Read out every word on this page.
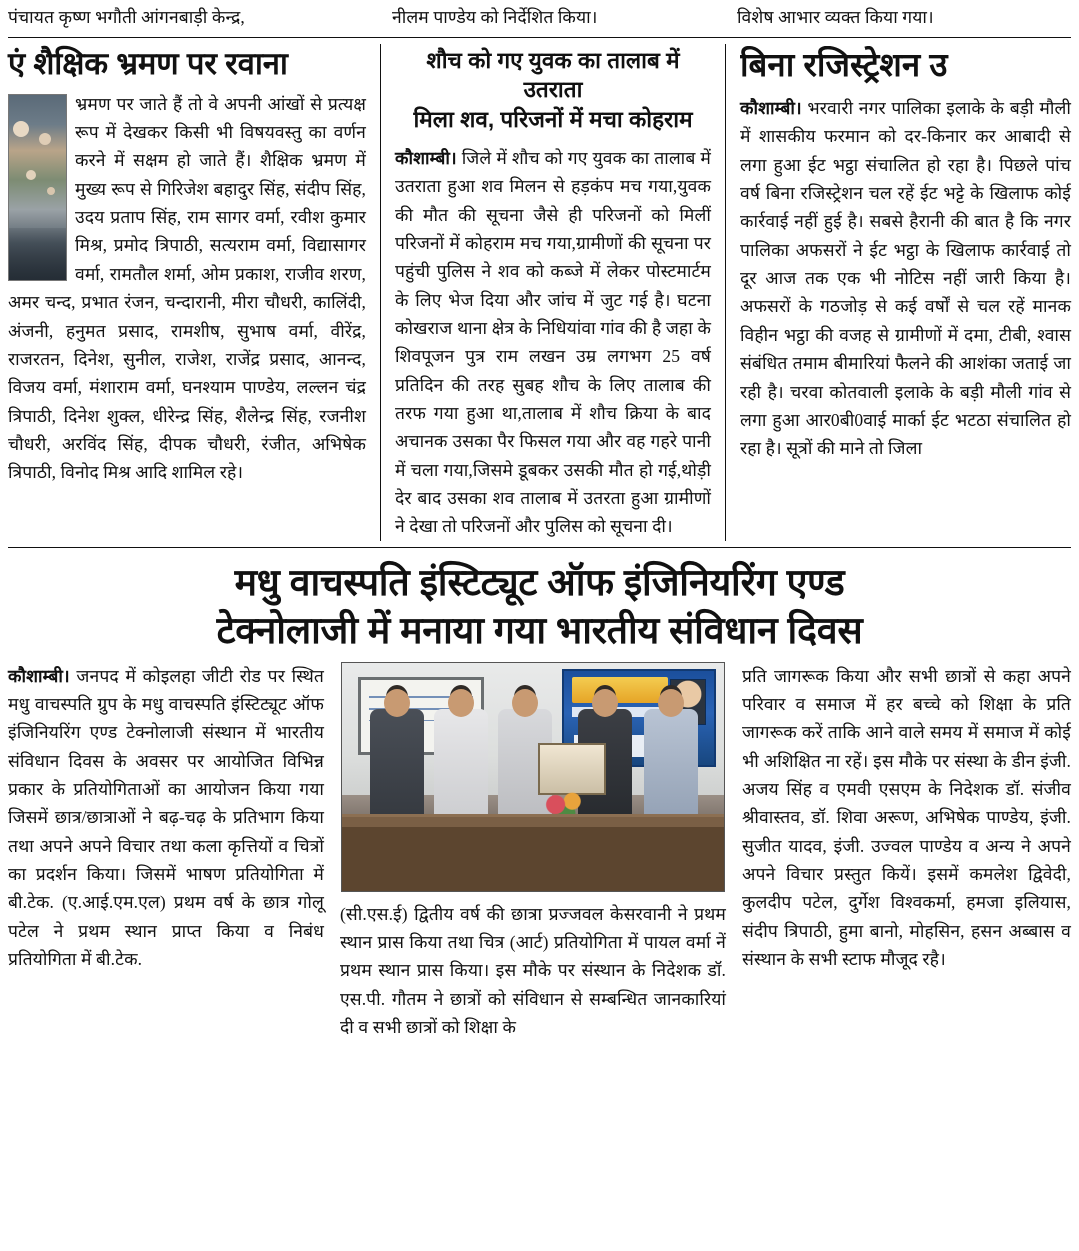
पंचायत कृष्ण भगौती आंगनबाड़ी केन्द्र,	नीलम पाण्डेय को निर्देशित किया।	विशेष आभार व्यक्त किया गया।
एं शैक्षिक भ्रमण पर रवाना
भ्रमण पर जाते हैं तो वे अपनी आंखों से प्रत्यक्ष रूप में देखकर किसी भी विषयवस्तु का वर्णन करने में सक्षम हो जाते हैं। शैक्षिक भ्रमण में मुख्य रूप से गिरिजेश बहादुर सिंह, संदीप सिंह, उदय प्रताप सिंह, राम सागर वर्मा, रवीश कुमार मिश्र, प्रमोद त्रिपाठी, सत्यराम वर्मा, विद्यासागर वर्मा, रामतौल शर्मा, ओम प्रकाश, राजीव शरण, अमर चन्द, प्रभात रंजन, चन्दारानी, मीरा चौधरी, कालिंदी, अंजनी, हनुमत प्रसाद, रामशीष, सुभाष वर्मा, वीरेंद्र, राजरतन, दिनेश, सुनील, राजेश, राजेंद्र प्रसाद, आनन्द, विजय वर्मा, मंशाराम वर्मा, घनश्याम पाण्डेय, लल्लन चंद्र त्रिपाठी, दिनेश शुक्ल, धीरेन्द्र सिंह, शैलेन्द्र सिंह, रजनीश चौधरी, अरविंद सिंह, दीपक चौधरी, रंजीत, अभिषेक त्रिपाठी, विनोद मिश्र आदि शामिल रहे।
शौच को गए युवक का तालाब में उतराता
मिला शव, परिजनों में मचा कोहराम
कौशाम्बी। जिले में शौच को गए युवक का तालाब में उतराता हुआ शव मिलन से हड़कंप मच गया,युवक की मौत की सूचना जैसे ही परिजनों को मिलीं परिजनों में कोहराम मच गया,ग्रामीणों की सूचना पर पहुंची पुलिस ने शव को कब्जे में लेकर पोस्टमार्टम के लिए भेज दिया और जांच में जुट गई है। घटना कोखराज थाना क्षेत्र के निधियांवा गांव की है जहा के शिवपूजन पुत्र राम लखन उम्र लगभग 25 वर्ष प्रतिदिन की तरह सुबह शौच के लिए तालाब की तरफ गया हुआ था,तालाब में शौच क्रिया के बाद अचानक उसका पैर फिसल गया और वह गहरे पानी में चला गया,जिसमे डूबकर उसकी मौत हो गई,थोड़ी देर बाद उसका शव तालाब में उतरता हुआ ग्रामीणों ने देखा तो परिजनों और पुलिस को सूचना दी।
बिना रजिस्ट्रेशन उ
कौशाम्बी। भरवारी नगर पालिका इलाके के बड़ी मौली में शासकीय फरमान को दर-किनार कर आबादी से लगा हुआ ईट भट्ठा संचालित हो रहा है। पिछले पांच वर्ष बिना रजिस्ट्रेशन चल रहें ईट भट्टे के खिलाफ कोई कार्रवाई नहीं हुई है। सबसे हैरानी की बात है कि नगर पालिका अफसरों ने ईट भट्ठा के खिलाफ कार्रवाई तो दूर आज तक एक भी नोटिस नहीं जारी किया है। अफसरों के गठजोड़ से कई वर्षों से चल रहें मानक विहीन भट्ठा की वजह से ग्रामीणों में दमा, टीबी, श्वास संबंधित तमाम बीमारियां फैलने की आशंका जताई जा रही है। चरवा कोतवाली इलाके के बड़ी मौली गांव से लगा हुआ आर0बी0वाई मार्का ईट भटठा संचालित हो रहा है। सूत्रों की माने तो जिला
मधु वाचस्पति इंस्टिट्यूट ऑफ इंजिनियरिंग एण्ड
टेक्नोलाजी में मनाया गया भारतीय संविधान दिवस
कौशाम्बी। जनपद में कोइलहा जीटी रोड पर स्थित मधु वाचस्पति ग्रुप के मधु वाचस्पति इंस्टिट्यूट ऑफ इंजिनियरिंग एण्ड टेक्नोलाजी संस्थान में भारतीय संविधान दिवस के अवसर पर आयोजित विभिन्न प्रकार के प्रतियोगिताओं का आयोजन किया गया जिसमें छात्र/छात्राओं ने बढ़-चढ़ के प्रतिभाग किया तथा अपने अपने विचार तथा कला कृत्तियों व चित्रों का प्रदर्शन किया। जिसमें भाषण प्रतियोगिता में बी.टेक. (ए.आई.एम.एल) प्रथम वर्ष के छात्र गोलू पटेल ने प्रथम स्थान प्राप्त किया व निबंध प्रतियोगिता में बी.टेक.
(सी.एस.ई) द्वितीय वर्ष की छात्रा प्रज्जवल केसरवानी ने प्रथम स्थान प्रास किया तथा चित्र (आर्ट) प्रतियोगिता में पायल वर्मा नें प्रथम स्थान प्रास किया। इस मौके पर संस्थान के निदेशक डॉ. एस.पी. गौतम ने छात्रों को संविधान से सम्बन्धित जानकारियां दी व सभी छात्रों को शिक्षा के
प्रति जागरूक किया और सभी छात्रों से कहा अपने परिवार व समाज में हर बच्चे को शिक्षा के प्रति जागरूक करें ताकि आने वाले समय में समाज में कोई भी अशिक्षित ना रहें। इस मौके पर संस्था के डीन इंजी. अजय सिंह व एमवी एसएम के निदेशक डॉ. संजीव श्रीवास्तव, डॉ. शिवा अरूण, अभिषेक पाण्डेय, इंजी. सुजीत यादव, इंजी. उज्वल पाण्डेय व अन्य ने अपने अपने विचार प्रस्तुत कियें। इसमें कमलेश द्विवेदी, कुलदीप पटेल, दुर्गेश विश्वकर्मा, हमजा इलियास, संदीप त्रिपाठी, हुमा बानो, मोहसिन, हसन अब्बास व संस्थान के सभी स्टाफ मौजूद रहै।
